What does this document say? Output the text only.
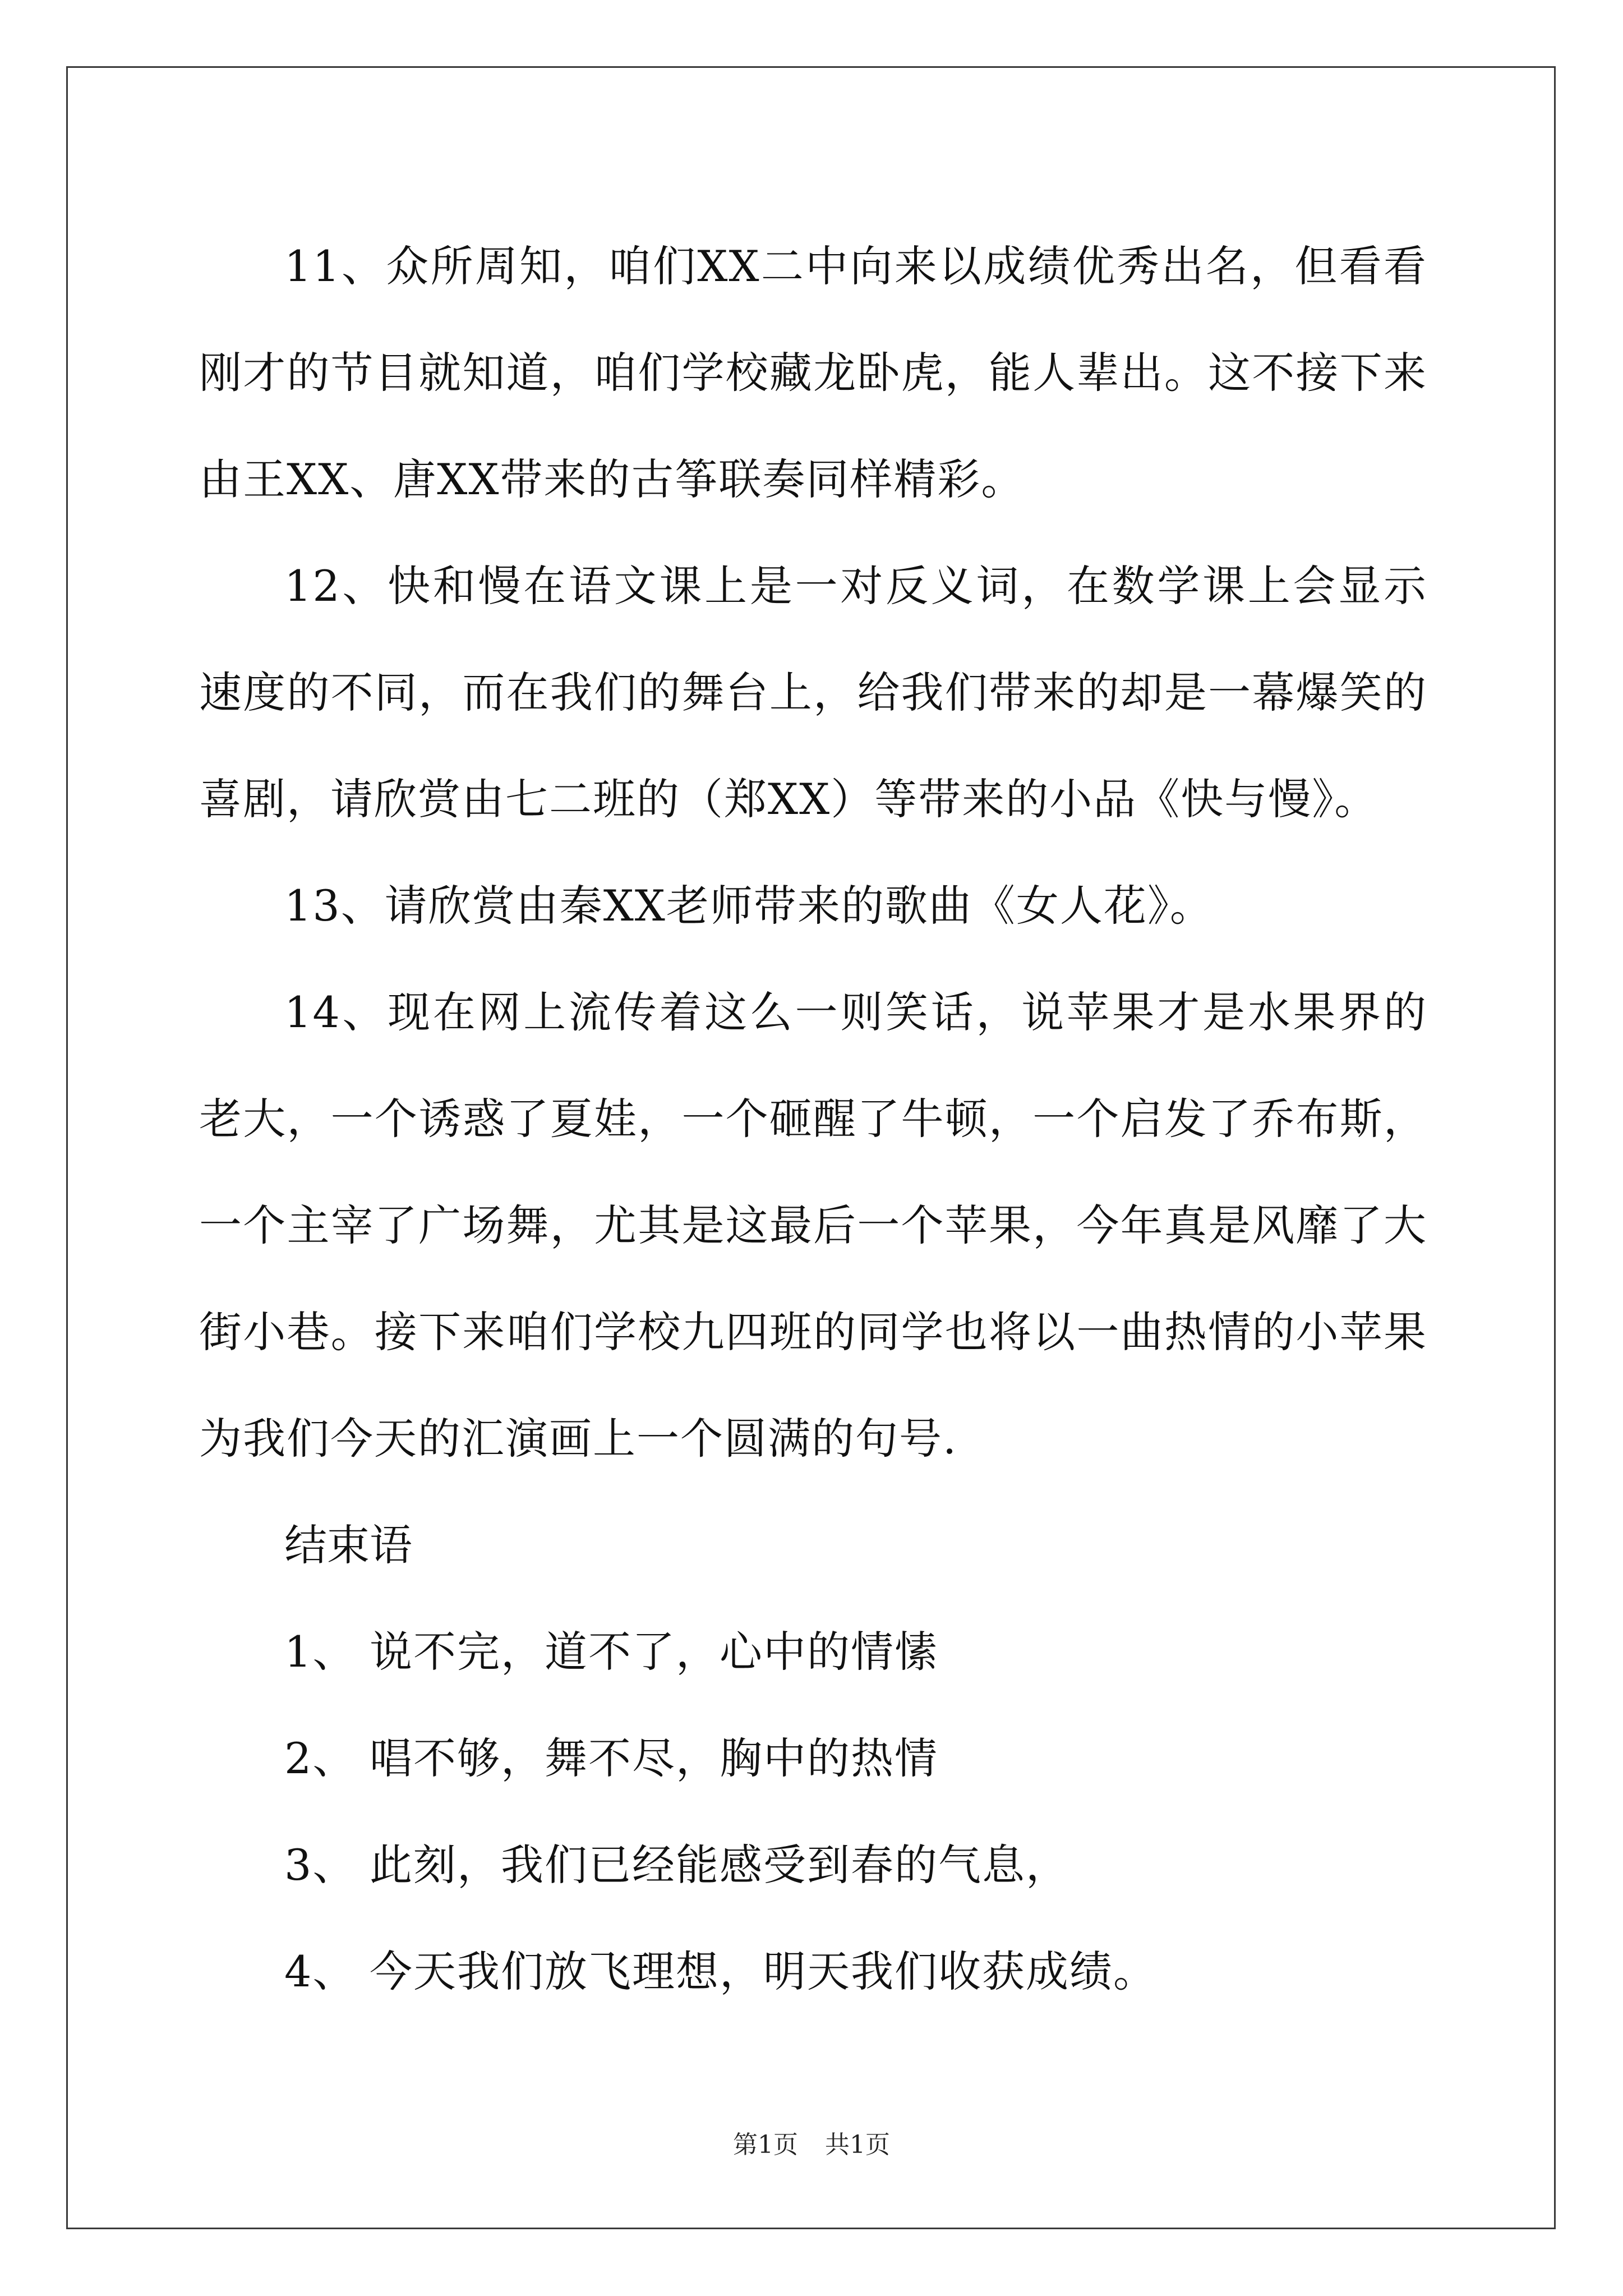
11、众所周知，咱们XX二中向来以成绩优秀出名，但看看刚才的节目就知道，咱们学校藏龙卧虎，能人辈出。这不接下来由王XX、唐XX带来的古筝联奏同样精彩。

12、快和慢在语文课上是一对反义词，在数学课上会显示速度的不同，而在我们的舞台上，给我们带来的却是一幕爆笑的喜剧，请欣赏由七二班的（郑XX）等带来的小品《快与慢》。

13、请欣赏由秦XX老师带来的歌曲《女人花》。

14、现在网上流传着这么一则笑话，说苹果才是水果界的老大，一个诱惑了夏娃，一个砸醒了牛顿，一个启发了乔布斯，一个主宰了广场舞，尤其是这最后一个苹果，今年真是风靡了大街小巷。接下来咱们学校九四班的同学也将以一曲热情的小苹果为我们今天的汇演画上一个圆满的句号.

结束语

1、 说不完，道不了，心中的情愫

2、 唱不够，舞不尽，胸中的热情

3、 此刻，我们已经能感受到春的气息，

4、 今天我们放飞理想，明天我们收获成绩。

第1页 共1页
